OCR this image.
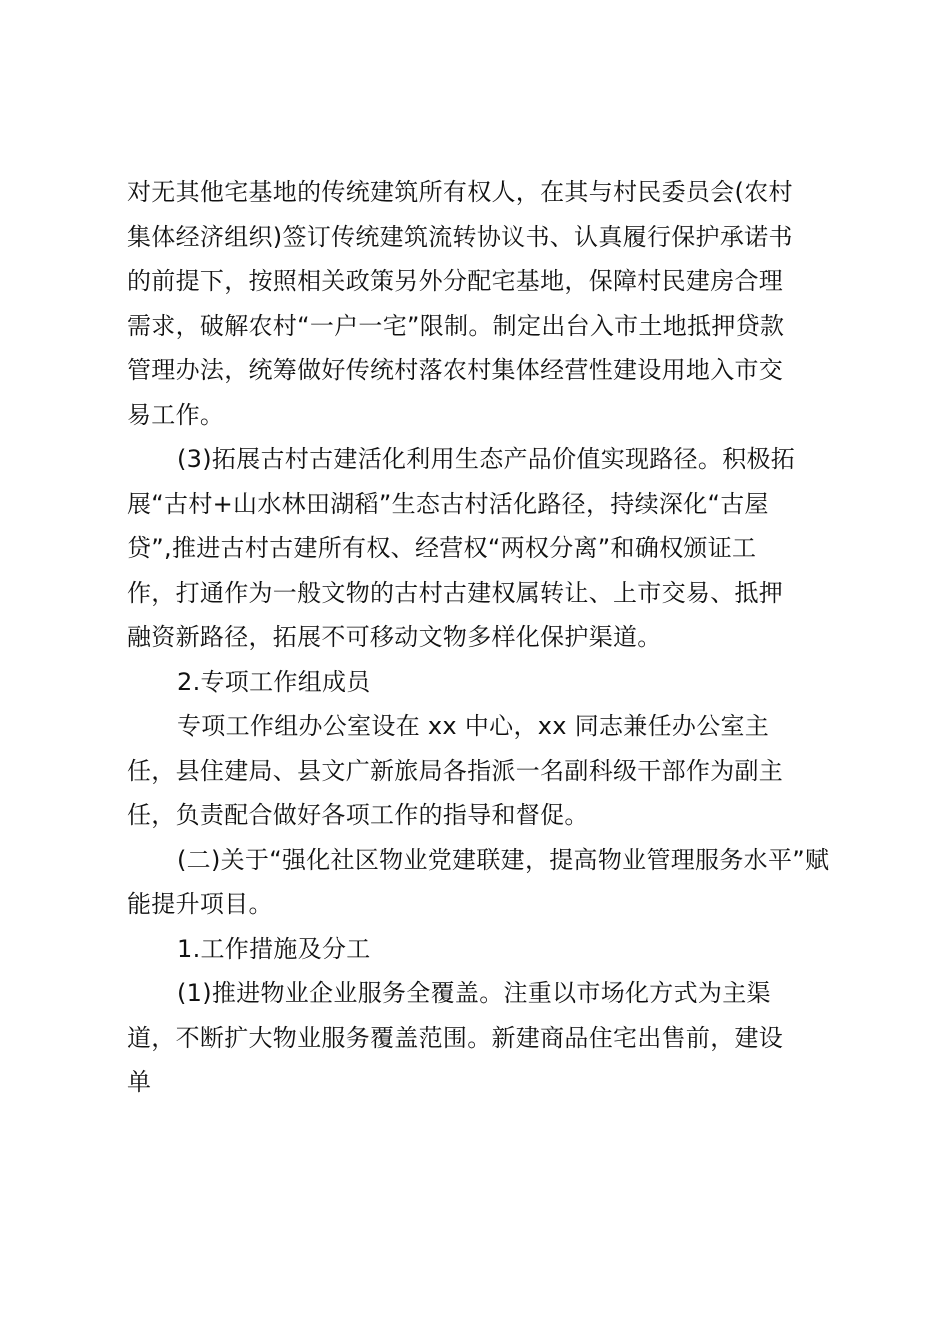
对无其他宅基地的传统建筑所有权人，在其与村民委员会(农村
集体经济组织)签订传统建筑流转协议书、认真履行保护承诺书
的前提下，按照相关政策另外分配宅基地，保障村民建房合理
需求，破解农村“一户一宅”限制。制定出台入市土地抵押贷款
管理办法，统筹做好传统村落农村集体经营性建设用地入市交
易工作。
(3)拓展古村古建活化利用生态产品价值实现路径。积极拓
展“古村+山水林田湖稻”生态古村活化路径，持续深化“古屋
贷”,推进古村古建所有权、经营权“两权分离”和确权颁证工
作，打通作为一般文物的古村古建权属转让、上市交易、抵押
融资新路径，拓展不可移动文物多样化保护渠道。
2.专项工作组成员
专项工作组办公室设在 xx 中心，xx 同志兼任办公室主
任，县住建局、县文广新旅局各指派一名副科级干部作为副主
任，负责配合做好各项工作的指导和督促。
(二)关于“强化社区物业党建联建，提高物业管理服务水平”赋
能提升项目。
1.工作措施及分工
(1)推进物业企业服务全覆盖。注重以市场化方式为主渠
道，不断扩大物业服务覆盖范围。新建商品住宅出售前，建设
单
